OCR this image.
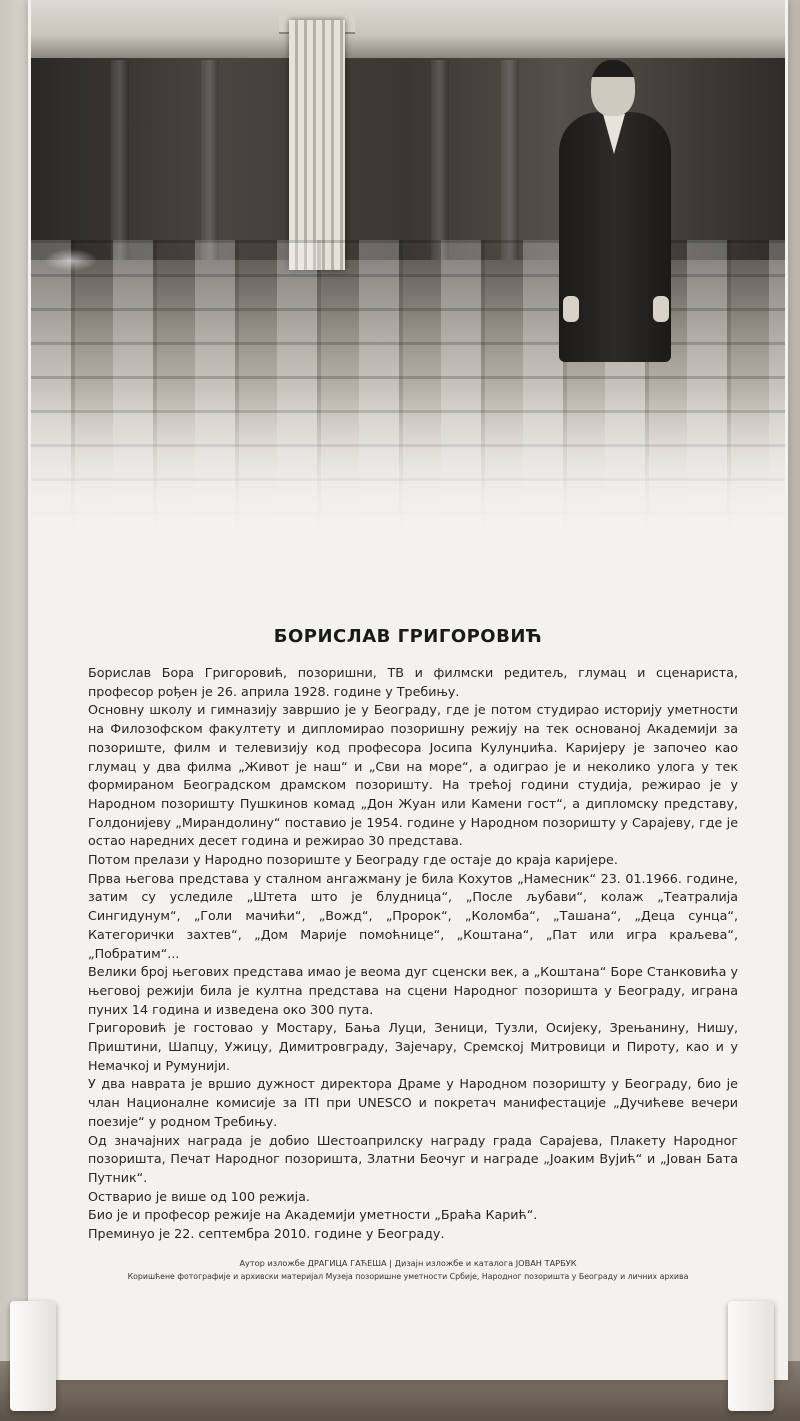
БОРИСЛАВ ГРИГОРОВИЋ

Борислав Бора Григоровић, позоришни, ТВ и филмски редитељ, глумац и сценариста, професор рођен је 26. априла 1928. године у Требињу.

Основну школу и гимназију завршио је у Београду, где је потом студирао историју уметности на Филозофском факултету и дипломирао позоришну режију на тек основаној Академији за позориште, филм и телевизију код професора Јосипа Кулунџића. Каријеру је започео као глумац у два филма „Живот је наш“ и „Сви на море“, а одиграо је и неколико улога у тек формираном Београдском драмском позоришту. На трећој години студија, режирао је у Народном позоришту Пушкинов комад „Дон Жуан или Камени гост“, а дипломску представу, Голдонијеву „Мирандолину“ поставио је 1954. године у Народном позоришту у Сарајеву, где је остао наредних десет година и режирао 30 представа.

Потом прелази у Народно позориште у Београду где остаје до краја каријере.

Прва његова представа у сталном ангажману је била Кохутов „Намесник“ 23. 01.1966. године, затим су уследиле „Штета што је блудница“, „После љубави“, колаж „Театралија Сингидунум“, „Голи мачићи“, „Вожд“, „Пророк“, „Коломба“, „Ташана“, „Деца сунца“, Категорички захтев“, „Дом Марије помоћнице“, „Коштана“, „Пат или игра краљева“, „Побратим“...

Велики број његових представа имао је веома дуг сценски век, а „Коштана“ Боре Станковића у његовој режији била је култна представа на сцени Народног позоришта у Београду, играна пуних 14 година и изведена око 300 пута.

Григоровић је гостовао у Мостару, Бања Луци, Зеници, Тузли, Осијеку, Зрењанину, Нишу, Приштини, Шапцу, Ужицу, Димитровграду, Зајечару, Сремској Митровици и Пироту, као и у Немачкој и Румунији.

У два наврата је вршио дужност директора Драме у Народном позоришту у Београду, био је члан Националне комисије за ITI при UNESCO и покретач манифестације „Дучићеве вечери поезије“ у родном Требињу.

Од значајних награда је добио Шестоаприлску награду града Сарајева, Плакету Народног позоришта, Печат Народног позоришта, Златни Беочуг и награде „Јоаким Вујић“ и „Јован Бата Путник“.

Остварио је више од 100 режија.

Био је и професор режије на Академији уметности „Браћа Карић“.

Преминуо је 22. септембра 2010. године у Београду.

Аутор изложбе ДРАГИЦА ГАЋЕША | Дизајн изложбе и каталога ЈОВАН ТАРБУК
Коришћене фотографије и архивски материјал Музеја позоришне уметности Србије, Народног позоришта у Београду и личних архива
